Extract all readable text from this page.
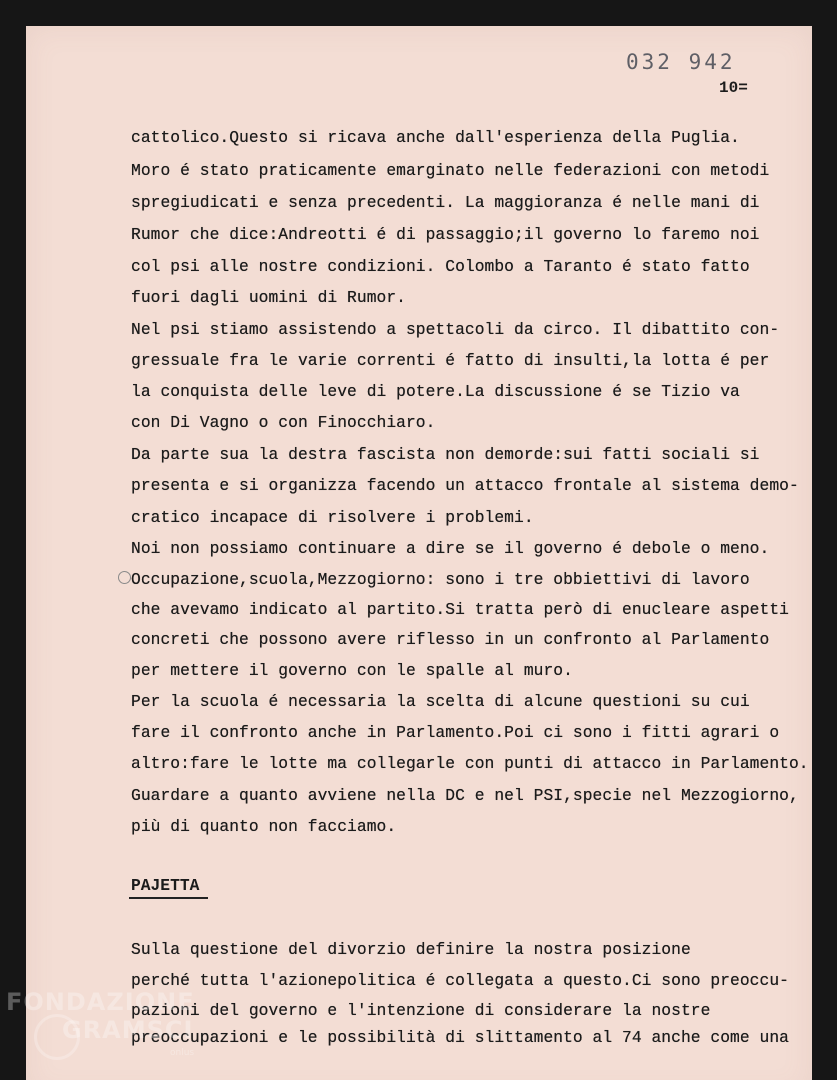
032 942
10=
cattolico.Questo si ricava anche dall'esperienza della Puglia.
Moro é stato praticamente emarginato nelle federazioni con metodi
spregiudicati e senza precedenti. La maggioranza é nelle mani di
Rumor che dice:Andreotti é di passaggio;il governo lo faremo noi
col psi alle nostre condizioni. Colombo a Taranto é stato fatto
fuori dagli uomini di Rumor.
Nel psi stiamo assistendo a spettacoli da circo. Il dibattito con-
gressuale fra le varie correnti é fatto di insulti,la lotta é per
la conquista delle leve di potere.La discussione é se Tizio va
con Di Vagno o con Finocchiaro.
Da parte sua la destra fascista non demorde:sui fatti sociali si
presenta e si organizza facendo un attacco frontale al sistema demo-
cratico incapace di risolvere i problemi.
Noi non possiamo continuare a dire se il governo é debole o meno.
Occupazione,scuola,Mezzogiorno: sono i tre obbiettivi di lavoro
che avevamo indicato al partito.Si tratta però di enucleare aspetti
concreti che possono avere riflesso in un confronto al Parlamento
per mettere il governo con le spalle al muro.
Per la scuola é necessaria la scelta di alcune questioni su cui
fare il confronto anche in Parlamento.Poi ci sono i fitti agrari o
altro:fare le lotte ma collegarle con punti di attacco in Parlamento.
Guardare a quanto avviene nella DC e nel PSI,specie nel Mezzogiorno,
più di quanto non facciamo.
PAJETTA
Sulla questione del divorzio definire la nostra posizione
perché tutta l'azionepolitica é collegata a questo.Ci sono preoccu-
pazioni del governo e l'intenzione di considerare la nostre
preoccupazioni e le possibilità di slittamento al 74 anche come una
FONDAZIONE
GRAMSCI
onlus
